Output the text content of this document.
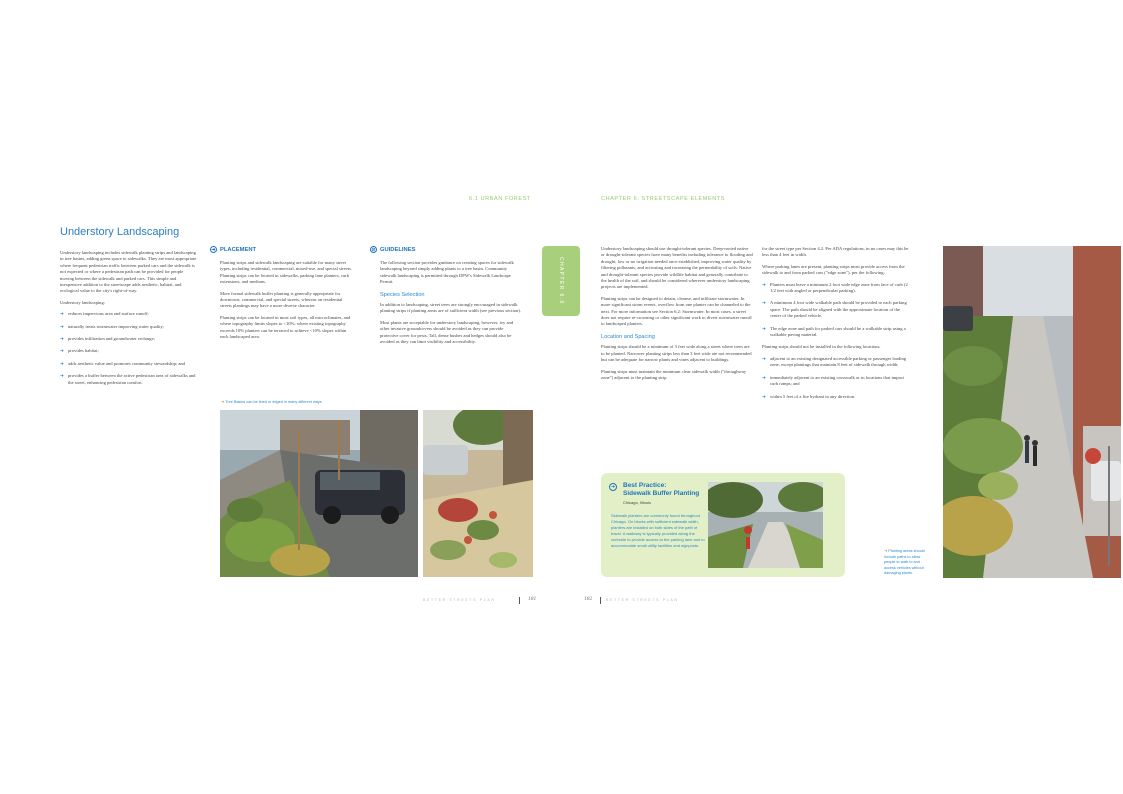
6.1 URBAN FOREST	CHAPTER 6: STREETSCAPE ELEMENTS
Understory Landscaping

Understory landscaping includes sidewalk planting strips and landscaping in tree basins, adding green space to sidewalks. They are most appropriate where frequent pedestrian traffic between parked cars and the sidewalk is not expected or where a pedestrian path can be provided for people moving between the sidewalk and parked cars. This simple and inexpensive addition to the streetscape adds aesthetic, habitat, and ecological value to the city's right-of-way.

Understory landscaping:

➜ reduces impervious area and surface runoff;
➜ naturally treats stormwater improving water quality;
➜ provides infiltration and groundwater recharge;
➜ provides habitat;
➜ adds aesthetic value and promotes community stewardship; and
➜ provides a buffer between the active pedestrian area of sidewalks and the street, enhancing pedestrian comfort.
➜ PLACEMENT

Planting strips and sidewalk landscaping are suitable for many street types, including residential, commercial, mixed-use, and special streets. Planting strips can be located in sidewalks, parking lane planters, curb extensions, and medians.

More formal sidewalk buffer planting is generally appropriate for downtown, commercial, and special streets, whereas on residential streets plantings may have a more diverse character.

Planting strips can be located in most soil types, all microclimates, and where topography limits slopes to <10%; where existing topography exceeds 10% planters can be terraced to achieve <10% slopes within each landscaped area.

⊘ GUIDELINES

The following section provides guidance on creating spaces for sidewalk landscaping beyond simply adding plants to a tree basin. Community sidewalk landscaping is permitted through DPW's Sidewalk Landscape Permit.

Species Selection

In addition to landscaping, street trees are strongly encouraged in sidewalk planting strips if planting areas are of sufficient width (see previous section).

Most plants are acceptable for understory landscaping, however, ivy and other invasive groundcovers should be avoided as they can provide protective cover for pests. Tall, dense bushes and hedges should also be avoided as they can limit visibility and accessibility.

➜ Tree Basins can be lined or edged in many different ways
BETTER STREETS PLAN	181
CHAPTER 6.0

Understory landscaping should use drought-tolerant species. Deep-rooted native or drought-tolerant species have many benefits including tolerance to flooding and drought, low or no irrigation needed once established, improving water quality by filtering pollutants, and activating and increasing the permeability of soils. Native and drought-tolerant species provide wildlife habitat and generally contribute to the health of the soil, and should be considered wherever understory landscaping projects are implemented.

Planting strips can be designed to detain, cleanse, and infiltrate stormwater. In more significant storm events, overflow from one planter can be channeled to the next. For more information see Section 6.2: Stormwater. In most cases, a street does not require re-crowning or other significant work to divert stormwater runoff to landscaped planters.

Location and Spacing

Planting strips should be a minimum of 3 feet wide along a street where trees are to be planted. Narrower planting strips less than 3 feet wide are not recommended but can be adequate for narrow plants and vines adjacent to buildings.

Planting strips must maintain the minimum clear sidewalk width ("throughway zone") adjacent to the planting strip

for the street type per Section 4.2. Per ADA regulations, in no cases may this be less than 4 feet in width.

Where parking lanes are present, planting strips must provide access from the sidewalk to and from parked cars ("edge zone"), per the following:

➜ Planters must leave a minimum 2 foot wide edge zone from face of curb (2 1/2 feet with angled or perpendicular parking).
➜ A minimum 4 foot wide walkable path should be provided to each parking space. The path should be aligned with the approximate location of the center of the parked vehicle.
➜ The edge zone and path for parked cars should be a walkable strip using a walkable paving material.

Planting strips should not be installed in the following locations:

➜ adjacent to an existing designated accessible parking or passenger loading zone, except plantings that maintain 8 feet of sidewalk through width;
➜ immediately adjacent to an existing crosswalk or in locations that impact curb ramps; and
➜ within 5 feet of a fire hydrant in any direction.
➜ Best Practice:
Sidewalk Buffer Planting
Chicago, Illinois
Sidewalk planters are commonly found throughout Chicago. On blocks with sufficient sidewalk width, planters are installed on both sides of the path of travel. A walkway is typically provided along the curbside to provide access to the parking lane and to accommodate small utility facilities and signposts.
➜ Planting areas should include paths to allow people to walk to and access vehicles without damaging plants.
182	BETTER STREETS PLAN
